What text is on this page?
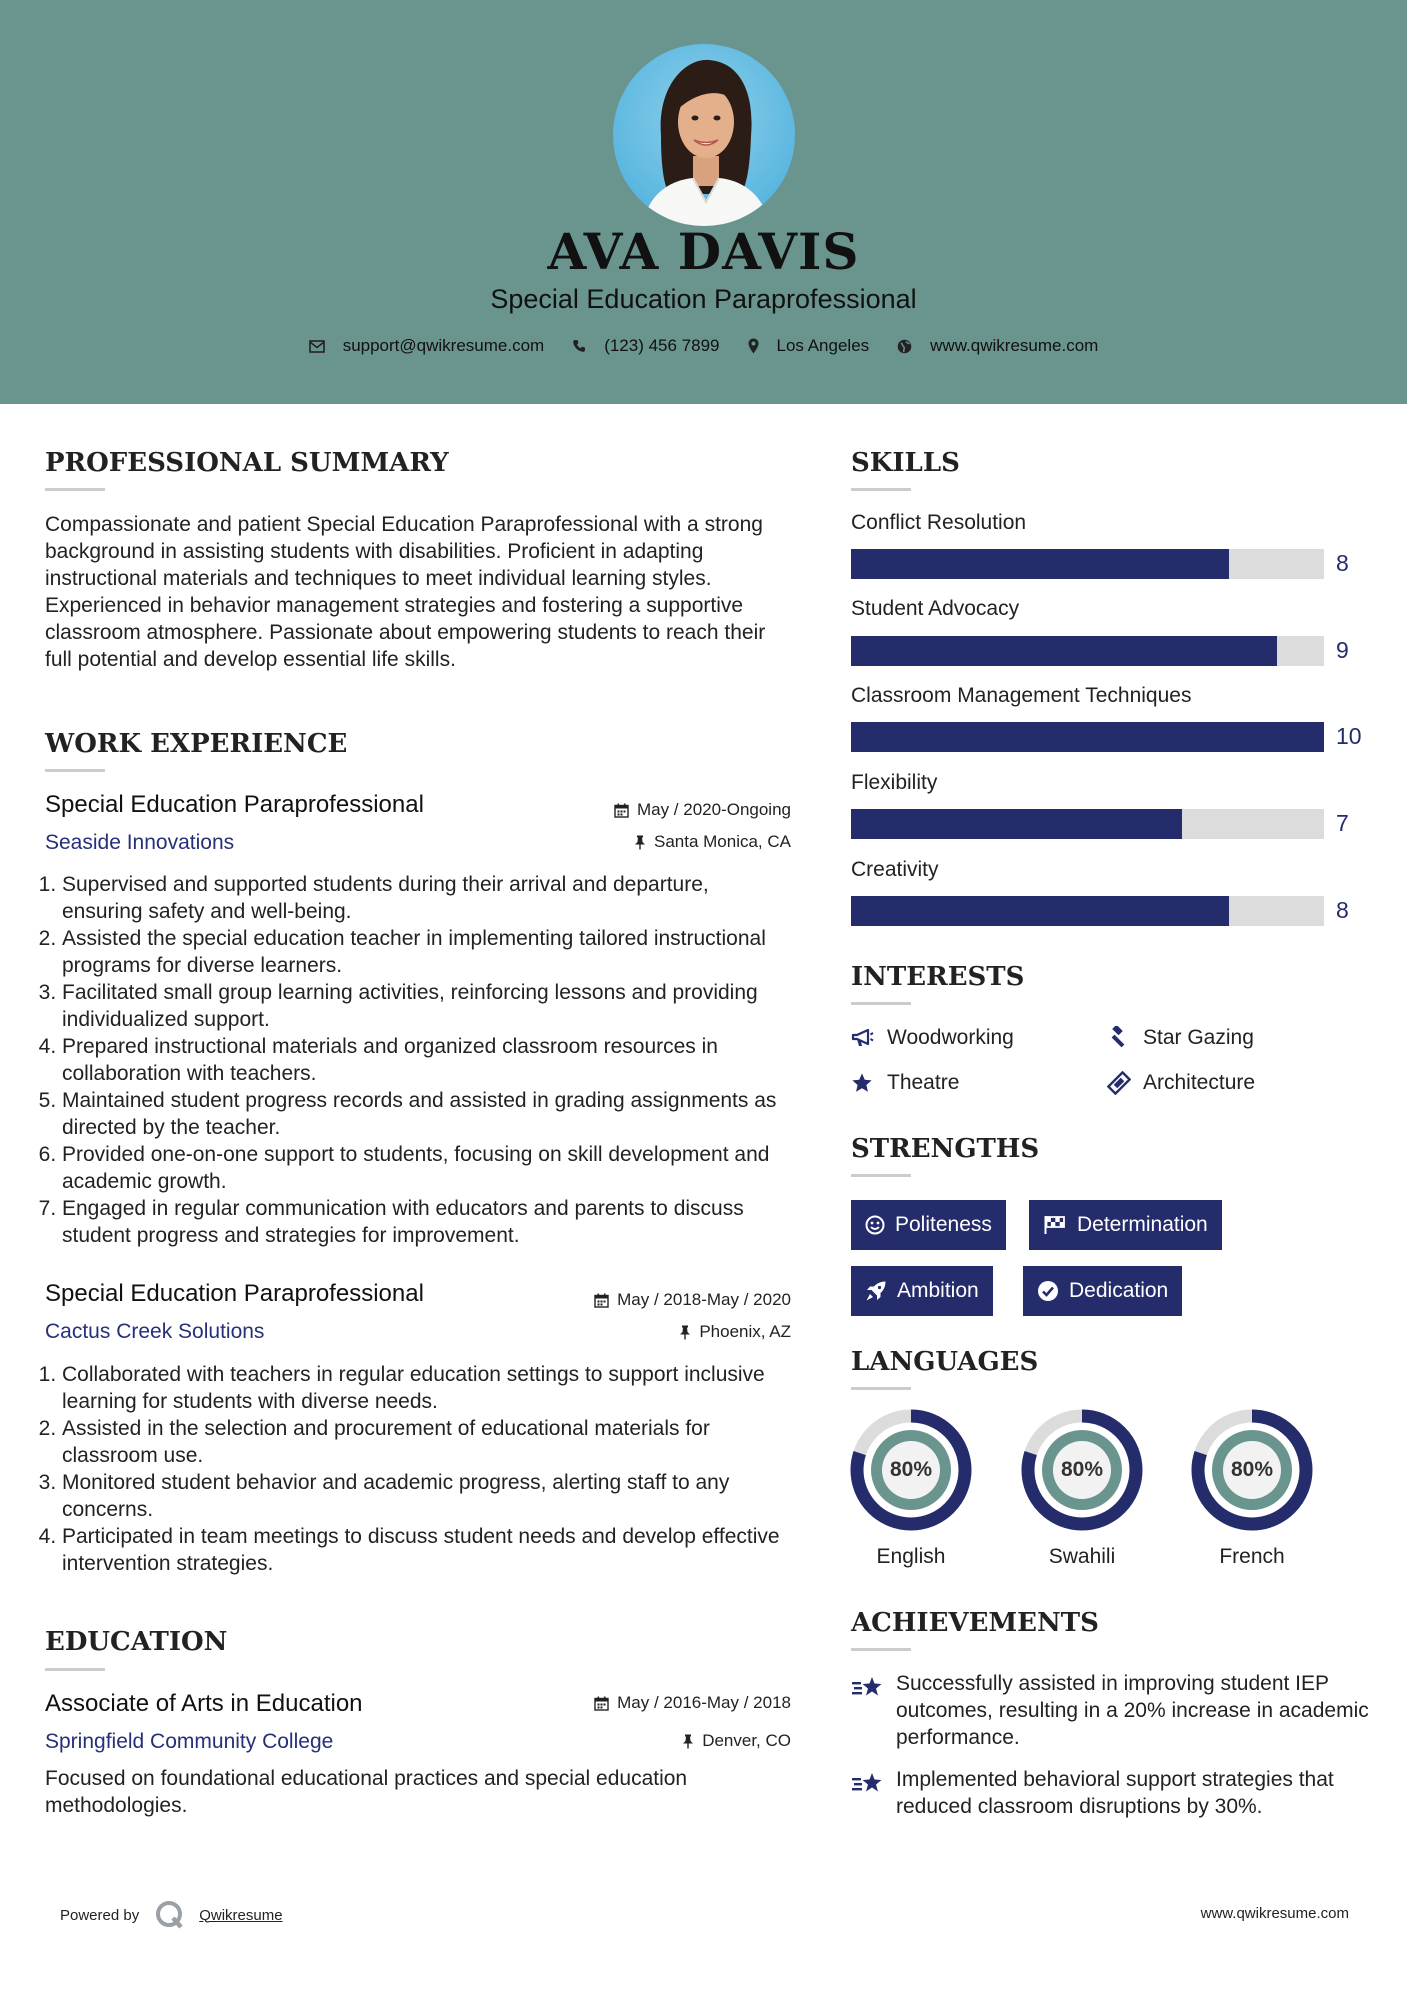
AVA DAVIS
Special Education Paraprofessional
support@qwikresume.com	(123) 456 7899	Los Angeles	www.qwikresume.com
PROFESSIONAL SUMMARY
Compassionate and patient Special Education Paraprofessional with a strong background in assisting students with disabilities. Proficient in adapting instructional materials and techniques to meet individual learning styles. Experienced in behavior management strategies and fostering a supportive classroom atmosphere. Passionate about empowering students to reach their full potential and develop essential life skills.
WORK EXPERIENCE
Special Education Paraprofessional	May / 2020-Ongoing
Seaside Innovations	Santa Monica, CA
1. Supervised and supported students during their arrival and departure, ensuring safety and well-being.
2. Assisted the special education teacher in implementing tailored instructional programs for diverse learners.
3. Facilitated small group learning activities, reinforcing lessons and providing individualized support.
4. Prepared instructional materials and organized classroom resources in collaboration with teachers.
5. Maintained student progress records and assisted in grading assignments as directed by the teacher.
6. Provided one-on-one support to students, focusing on skill development and academic growth.
7. Engaged in regular communication with educators and parents to discuss student progress and strategies for improvement.
Special Education Paraprofessional	May / 2018-May / 2020
Cactus Creek Solutions	Phoenix, AZ
1. Collaborated with teachers in regular education settings to support inclusive learning for students with diverse needs.
2. Assisted in the selection and procurement of educational materials for classroom use.
3. Monitored student behavior and academic progress, alerting staff to any concerns.
4. Participated in team meetings to discuss student needs and develop effective intervention strategies.
EDUCATION
Associate of Arts in Education	May / 2016-May / 2018
Springfield Community College	Denver, CO
Focused on foundational educational practices and special education methodologies.
SKILLS
Conflict Resolution
8
Student Advocacy
9
Classroom Management Techniques
10
Flexibility
7
Creativity
8
INTERESTS
Woodworking	Star Gazing
Theatre	Architecture
STRENGTHS
Politeness	Determination
Ambition	Dedication
LANGUAGES
80%
English
80%
Swahili
80%
French
ACHIEVEMENTS
Successfully assisted in improving student IEP outcomes, resulting in a 20% increase in academic performance.
Implemented behavioral support strategies that reduced classroom disruptions by 30%.
Powered by	Qwikresume	www.qwikresume.com
